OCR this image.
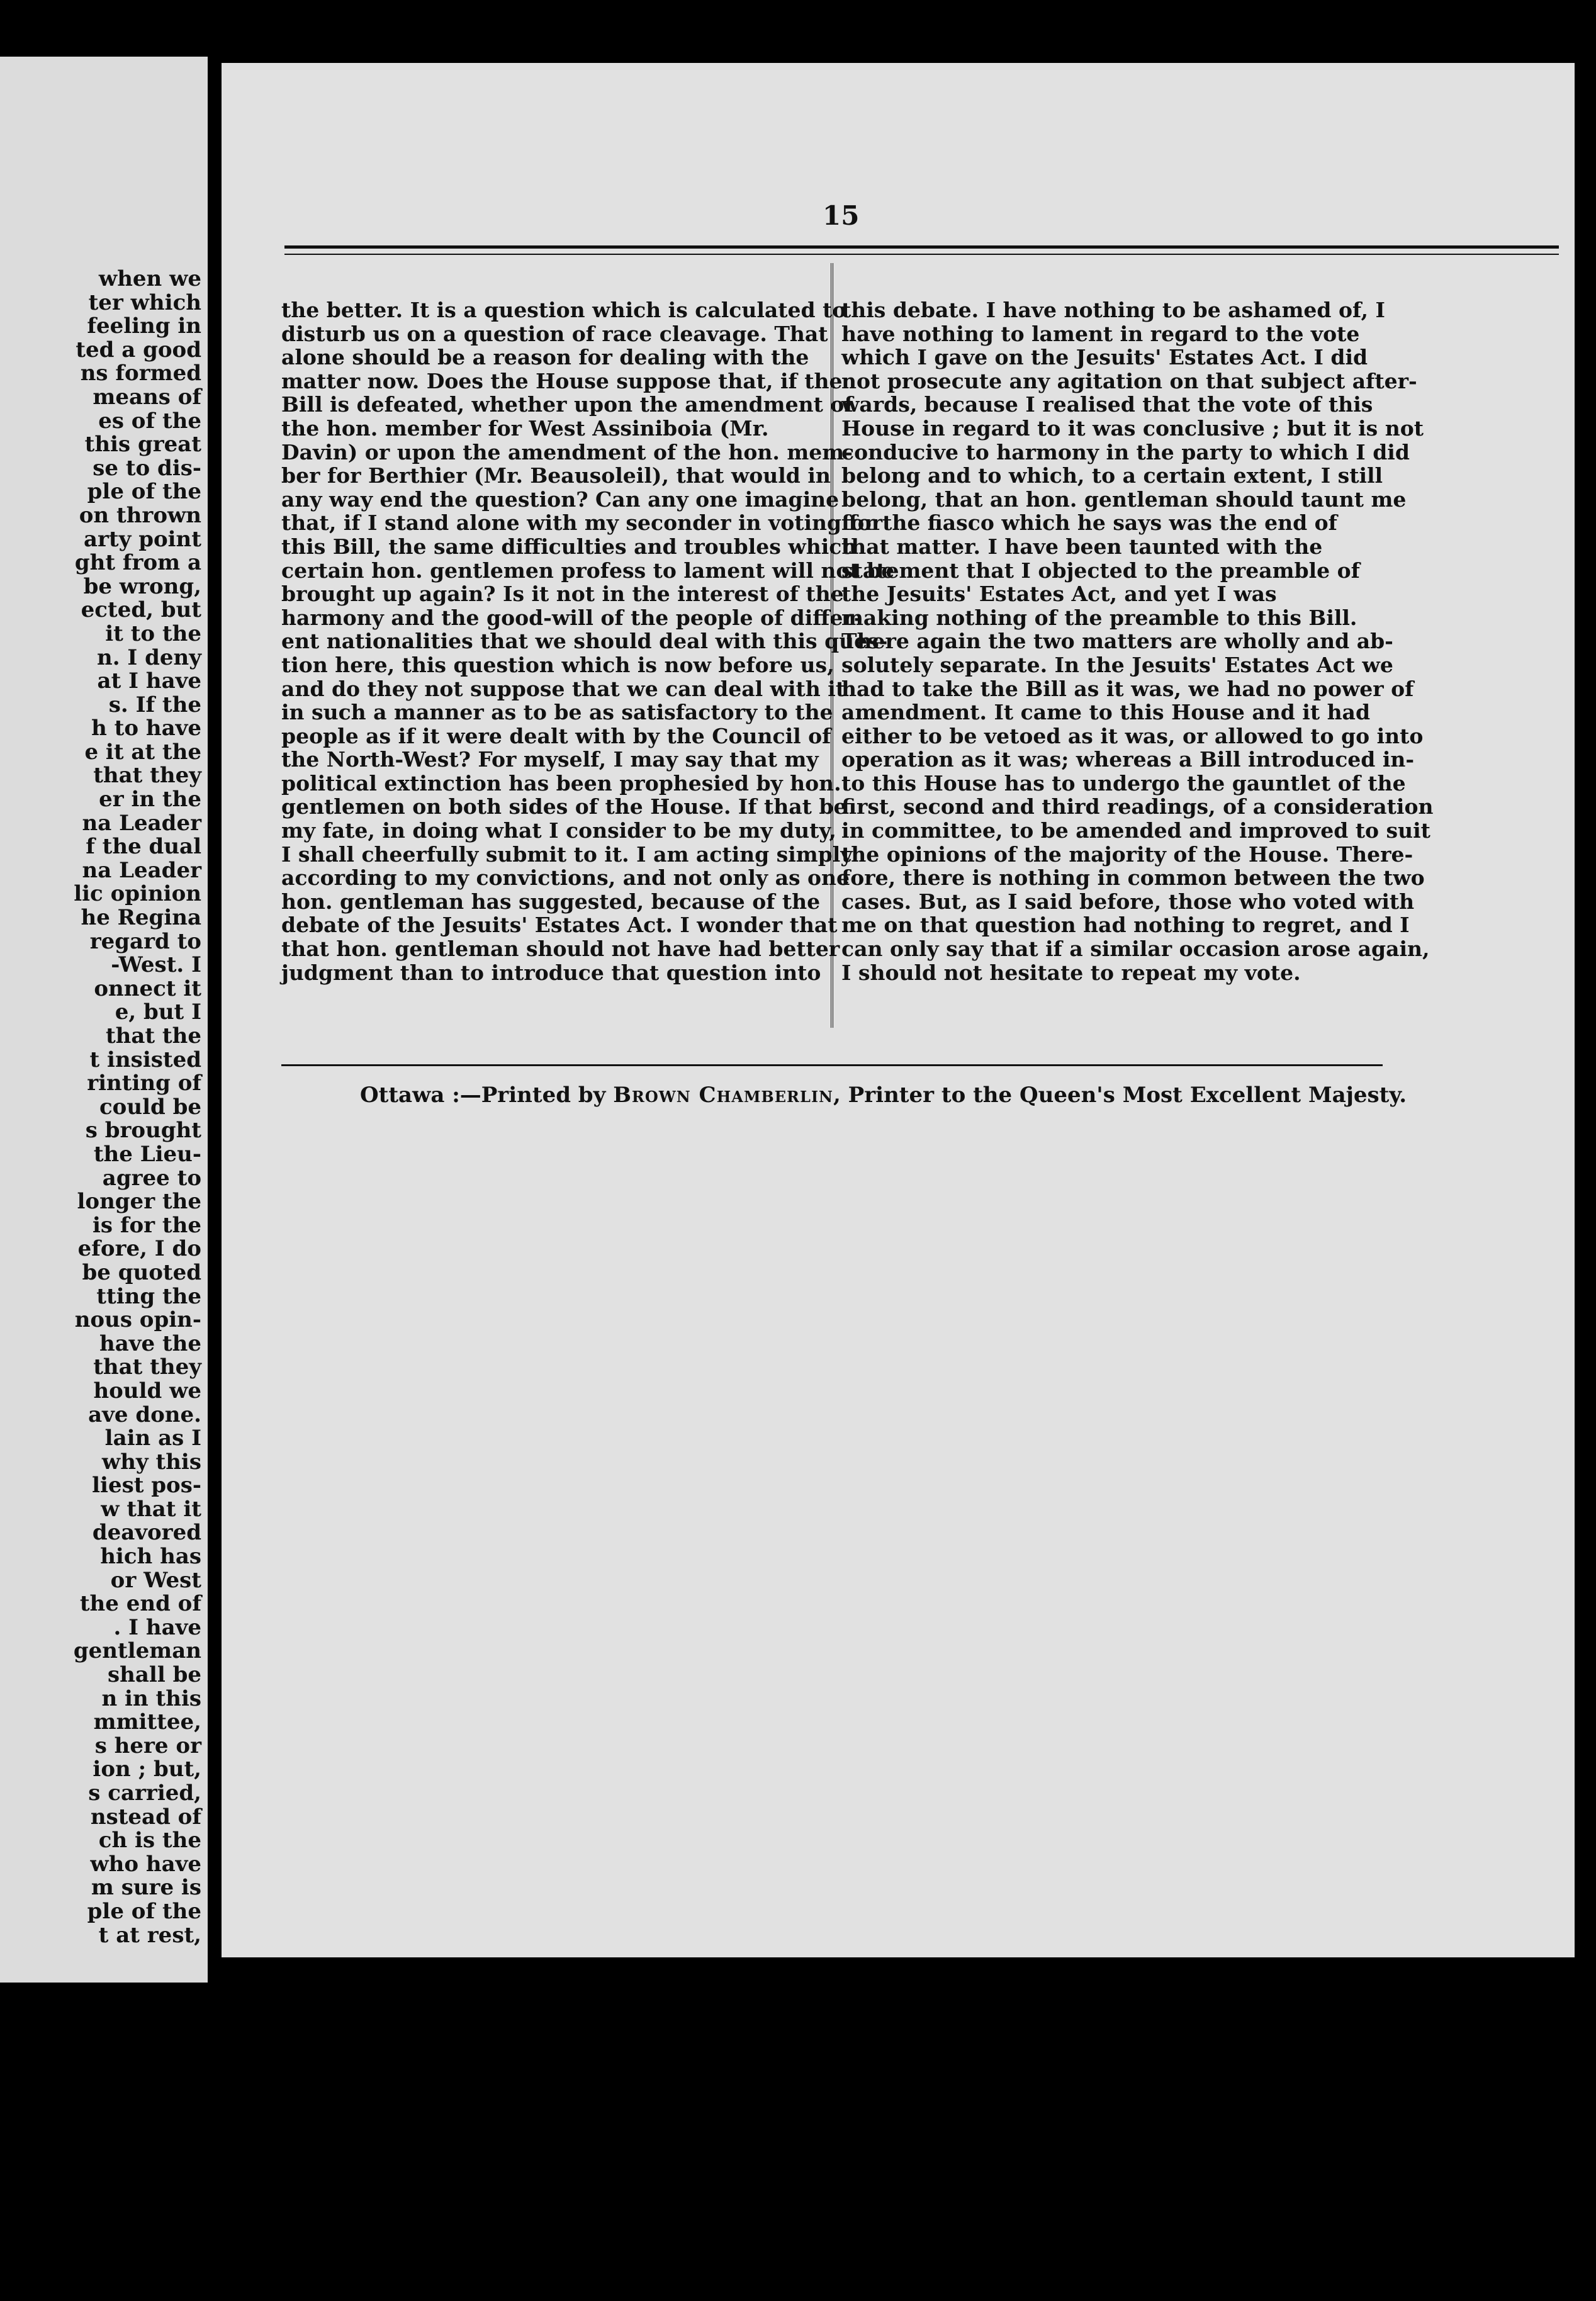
when we
ter which
feeling in
ted a good
ns formed
means of
es of the
this great
se to dis-
ple of the
on thrown
arty point
ght from a
be wrong,
ected, but
it to the
n. I deny
at I have
s. If the
h to have
e it at the
that they
er in the
na Leader
f the dual
na Leader
lic opinion
he Regina
regard to
-West. I
onnect it
e, but I
that the
t insisted
rinting of
could be
s brought
the Lieu-
agree to
longer the
is for the
efore, I do
be quoted
tting the
nous opin-
have the
that they
hould we
ave done.
lain as I
why this
liest pos-
w that it
deavored
hich has
or West
the end of
. I have
gentleman
shall be
n in this
mmittee,
s here or
ion ; but,
s carried,
nstead of
ch is the
who have
m sure is
ple of the
t at rest,
15
the better. It is a question which is calculated to
disturb us on a question of race cleavage. That
alone should be a reason for dealing with the
matter now. Does the House suppose that, if the
Bill is defeated, whether upon the amendment of
the hon. member for West Assiniboia (Mr.
Davin) or upon the amendment of the hon. mem-
ber for Berthier (Mr. Beausoleil), that would in
any way end the question? Can any one imagine
that, if I stand alone with my seconder in voting for
this Bill, the same difficulties and troubles which
certain hon. gentlemen profess to lament will not be
brought up again? Is it not in the interest of the
harmony and the good-will of the people of differ-
ent nationalities that we should deal with this ques-
tion here, this question which is now before us,
and do they not suppose that we can deal with it
in such a manner as to be as satisfactory to the
people as if it were dealt with by the Council of
the North-West? For myself, I may say that my
political extinction has been prophesied by hon.
gentlemen on both sides of the House. If that be
my fate, in doing what I consider to be my duty,
I shall cheerfully submit to it. I am acting simply
according to my convictions, and not only as one
hon. gentleman has suggested, because of the
debate of the Jesuits' Estates Act. I wonder that
that hon. gentleman should not have had better
judgment than to introduce that question into
this debate. I have nothing to be ashamed of, I
have nothing to lament in regard to the vote
which I gave on the Jesuits' Estates Act. I did
not prosecute any agitation on that subject after-
wards, because I realised that the vote of this
House in regard to it was conclusive ; but it is not
conducive to harmony in the party to which I did
belong and to which, to a certain extent, I still
belong, that an hon. gentleman should taunt me
for the fiasco which he says was the end of
that matter. I have been taunted with the
statement that I objected to the preamble of
the Jesuits' Estates Act, and yet I was
making nothing of the preamble to this Bill.
There again the two matters are wholly and ab-
solutely separate. In the Jesuits' Estates Act we
had to take the Bill as it was, we had no power of
amendment. It came to this House and it had
either to be vetoed as it was, or allowed to go into
operation as it was; whereas a Bill introduced in-
to this House has to undergo the gauntlet of the
first, second and third readings, of a consideration
in committee, to be amended and improved to suit
the opinions of the majority of the House. There-
fore, there is nothing in common between the two
cases. But, as I said before, those who voted with
me on that question had nothing to regret, and I
can only say that if a similar occasion arose again,
I should not hesitate to repeat my vote.
Ottawa :—Printed by Brown Chamberlin, Printer to the Queen's Most Excellent Majesty.
